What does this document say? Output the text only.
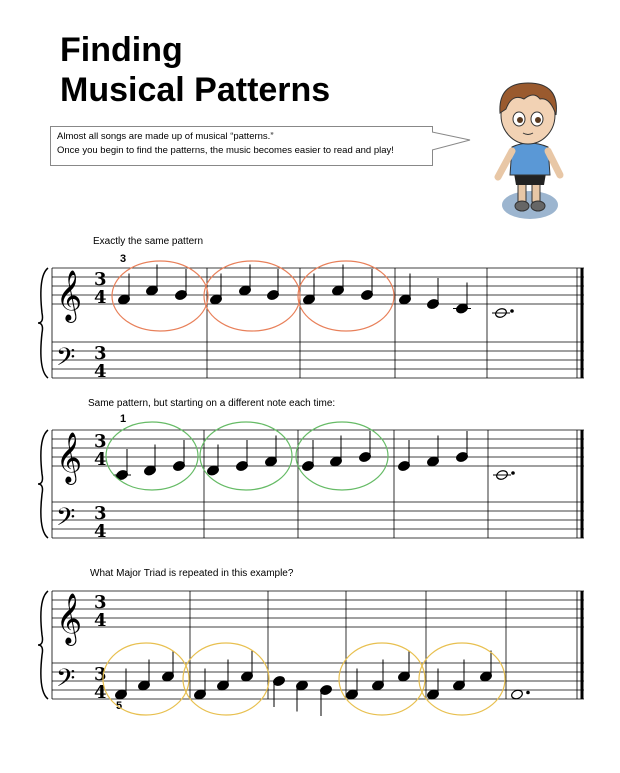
Finding
Musical Patterns
Almost all songs are made up of musical “patterns.”
Once you begin to find the patterns, the music becomes easier to read and play!
Exactly the same pattern
Same pattern, but starting on a different note each time:
What Major Triad is repeated in this example?
3
1
5
𝄞 3
4
𝄢 3
4
𝄞 3
4
𝄢 3
4
𝄞 3
4
𝄢 3
4
